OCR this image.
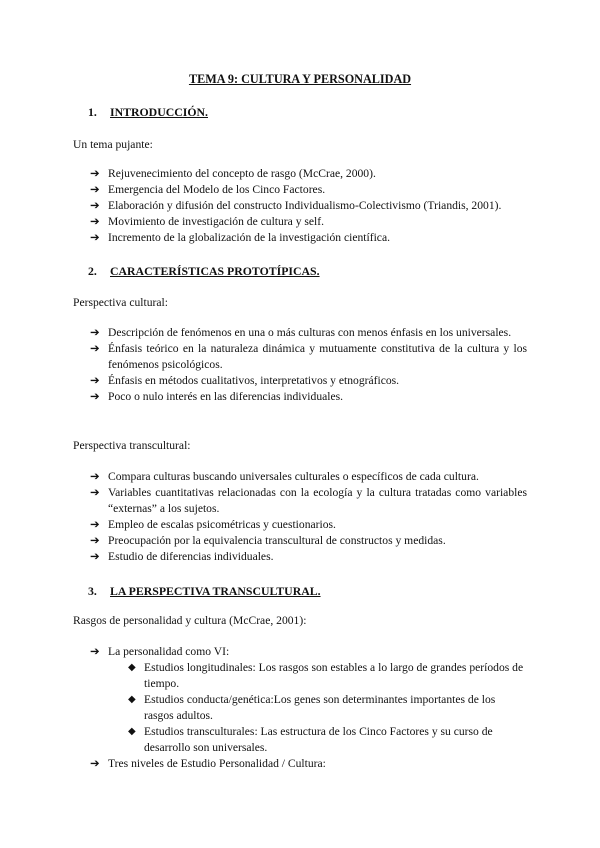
TEMA 9: CULTURA Y PERSONALIDAD
1. INTRODUCCIÓN.
Un tema pujante:
➔ Rejuvenecimiento del concepto de rasgo (McCrae, 2000).
➔ Emergencia del Modelo de los Cinco Factores.
➔ Elaboración y difusión del constructo Individualismo-Colectivismo (Triandis, 2001).
➔ Movimiento de investigación de cultura y self.
➔ Incremento de la globalización de la investigación científica.
2. CARACTERÍSTICAS PROTOTÍPICAS.
Perspectiva cultural:
➔ Descripción de fenómenos en una o más culturas con menos énfasis en los universales.
➔ Énfasis teórico en la naturaleza dinámica y mutuamente constitutiva de la cultura y los fenómenos psicológicos.
➔ Énfasis en métodos cualitativos, interpretativos y etnográficos.
➔ Poco o nulo interés en las diferencias individuales.
Perspectiva transcultural:
➔ Compara culturas buscando universales culturales o específicos de cada cultura.
➔ Variables cuantitativas relacionadas con la ecología y la cultura tratadas como variables “externas” a los sujetos.
➔ Empleo de escalas psicométricas y cuestionarios.
➔ Preocupación por la equivalencia transcultural de constructos y medidas.
➔ Estudio de diferencias individuales.
3. LA PERSPECTIVA TRANSCULTURAL.
Rasgos de personalidad y cultura (McCrae, 2001):
➔ La personalidad como VI:
◆ Estudios longitudinales: Los rasgos son estables a lo largo de grandes períodos de tiempo.
◆ Estudios conducta/genética:Los genes son determinantes importantes de los rasgos adultos.
◆ Estudios transculturales: Las estructura de los Cinco Factores y su curso de desarrollo son universales.
➔ Tres niveles de Estudio Personalidad / Cultura:
